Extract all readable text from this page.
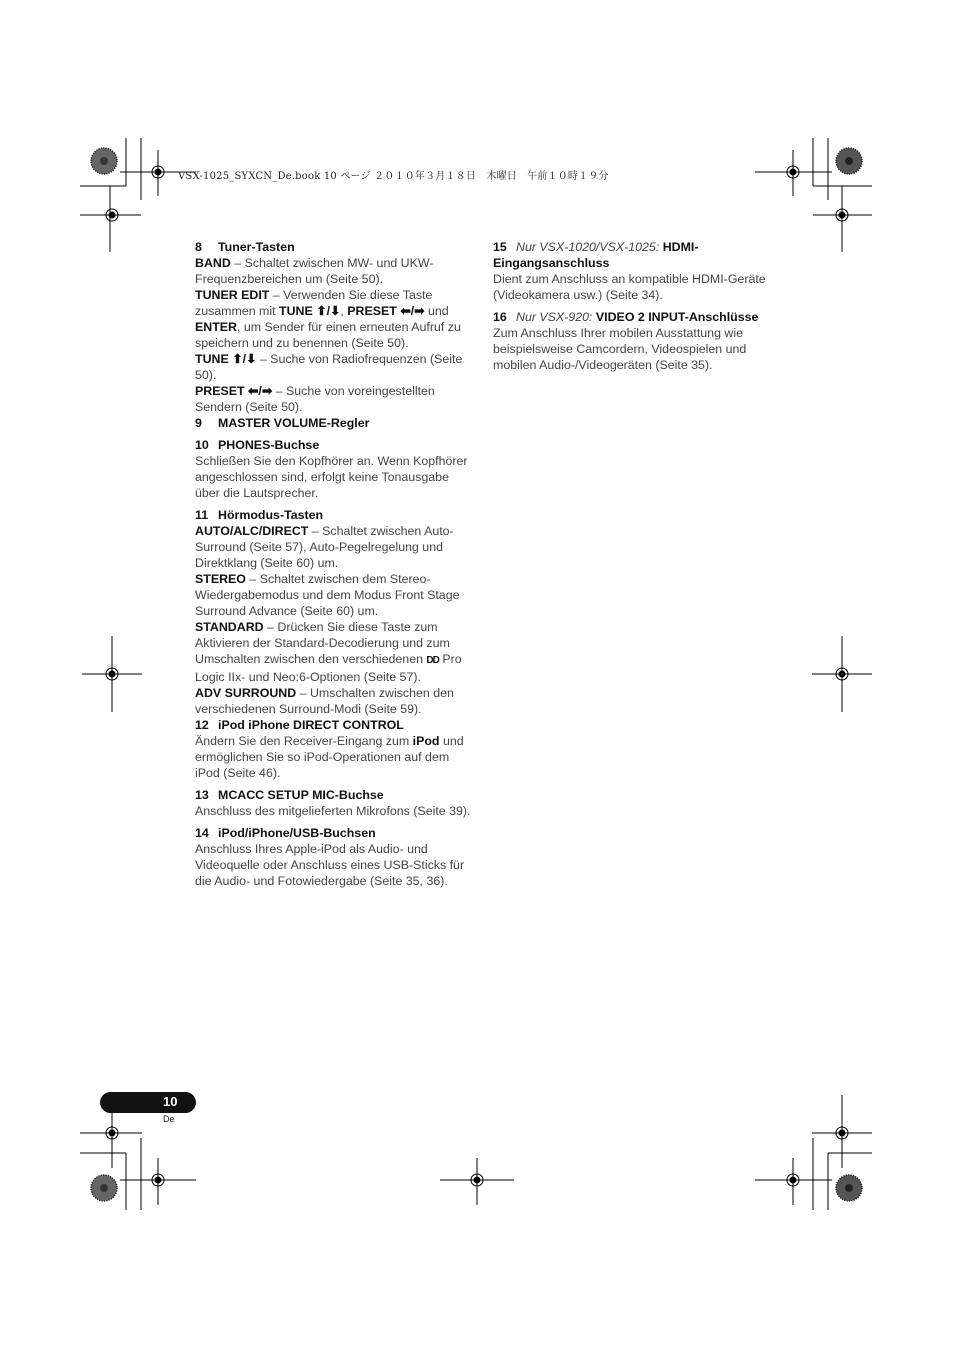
VSX-1025_SYXCN_De.book 10 ページ ２０１０年３月１８日　木曜日　午前１０時１９分

8 Tuner-Tasten

BAND – Schaltet zwischen MW- und UKW-Frequenzbereichen um (Seite 50).

TUNER EDIT – Verwenden Sie diese Taste zusammen mit TUNE ⬆/⬇, PRESET ⬅/➡ und ENTER, um Sender für einen erneuten Aufruf zu speichern und zu benennen (Seite 50).

TUNE ⬆/⬇ – Suche von Radiofrequenzen (Seite 50).

PRESET ⬅/➡ – Suche von voreingestellten Sendern (Seite 50).

9 MASTER VOLUME-Regler

10 PHONES-Buchse

Schließen Sie den Kopfhörer an. Wenn Kopfhörer angeschlossen sind, erfolgt keine Tonausgabe über die Lautsprecher.

11 Hörmodus-Tasten

AUTO/ALC/DIRECT – Schaltet zwischen Auto-Surround (Seite 57), Auto-Pegelregelung und Direktklang (Seite 60) um.

STEREO – Schaltet zwischen dem Stereo-Wiedergabemodus und dem Modus Front Stage Surround Advance (Seite 60) um.

STANDARD – Drücken Sie diese Taste zum Aktivieren der Standard-Decodierung und zum Umschalten zwischen den verschiedenen DD Pro Logic IIx- und Neo:6-Optionen (Seite 57).

ADV SURROUND – Umschalten zwischen den verschiedenen Surround-Modi (Seite 59).

12 iPod iPhone DIRECT CONTROL

Ändern Sie den Receiver-Eingang zum iPod und ermöglichen Sie so iPod-Operationen auf dem iPod (Seite 46).

13 MCACC SETUP MIC-Buchse

Anschluss des mitgelieferten Mikrofons (Seite 39).

14 iPod/iPhone/USB-Buchsen

Anschluss Ihres Apple-iPod als Audio- und Videoquelle oder Anschluss eines USB-Sticks für die Audio- und Fotowiedergabe (Seite 35, 36).

15 Nur VSX-1020/VSX-1025: HDMI-Eingangsanschluss

Dient zum Anschluss an kompatible HDMI-Geräte (Videokamera usw.) (Seite 34).

16 Nur VSX-920: VIDEO 2 INPUT-Anschlüsse

Zum Anschluss Ihrer mobilen Ausstattung wie beispielsweise Camcordern, Videospielen und mobilen Audio-/Videogeräten (Seite 35).

10
De
